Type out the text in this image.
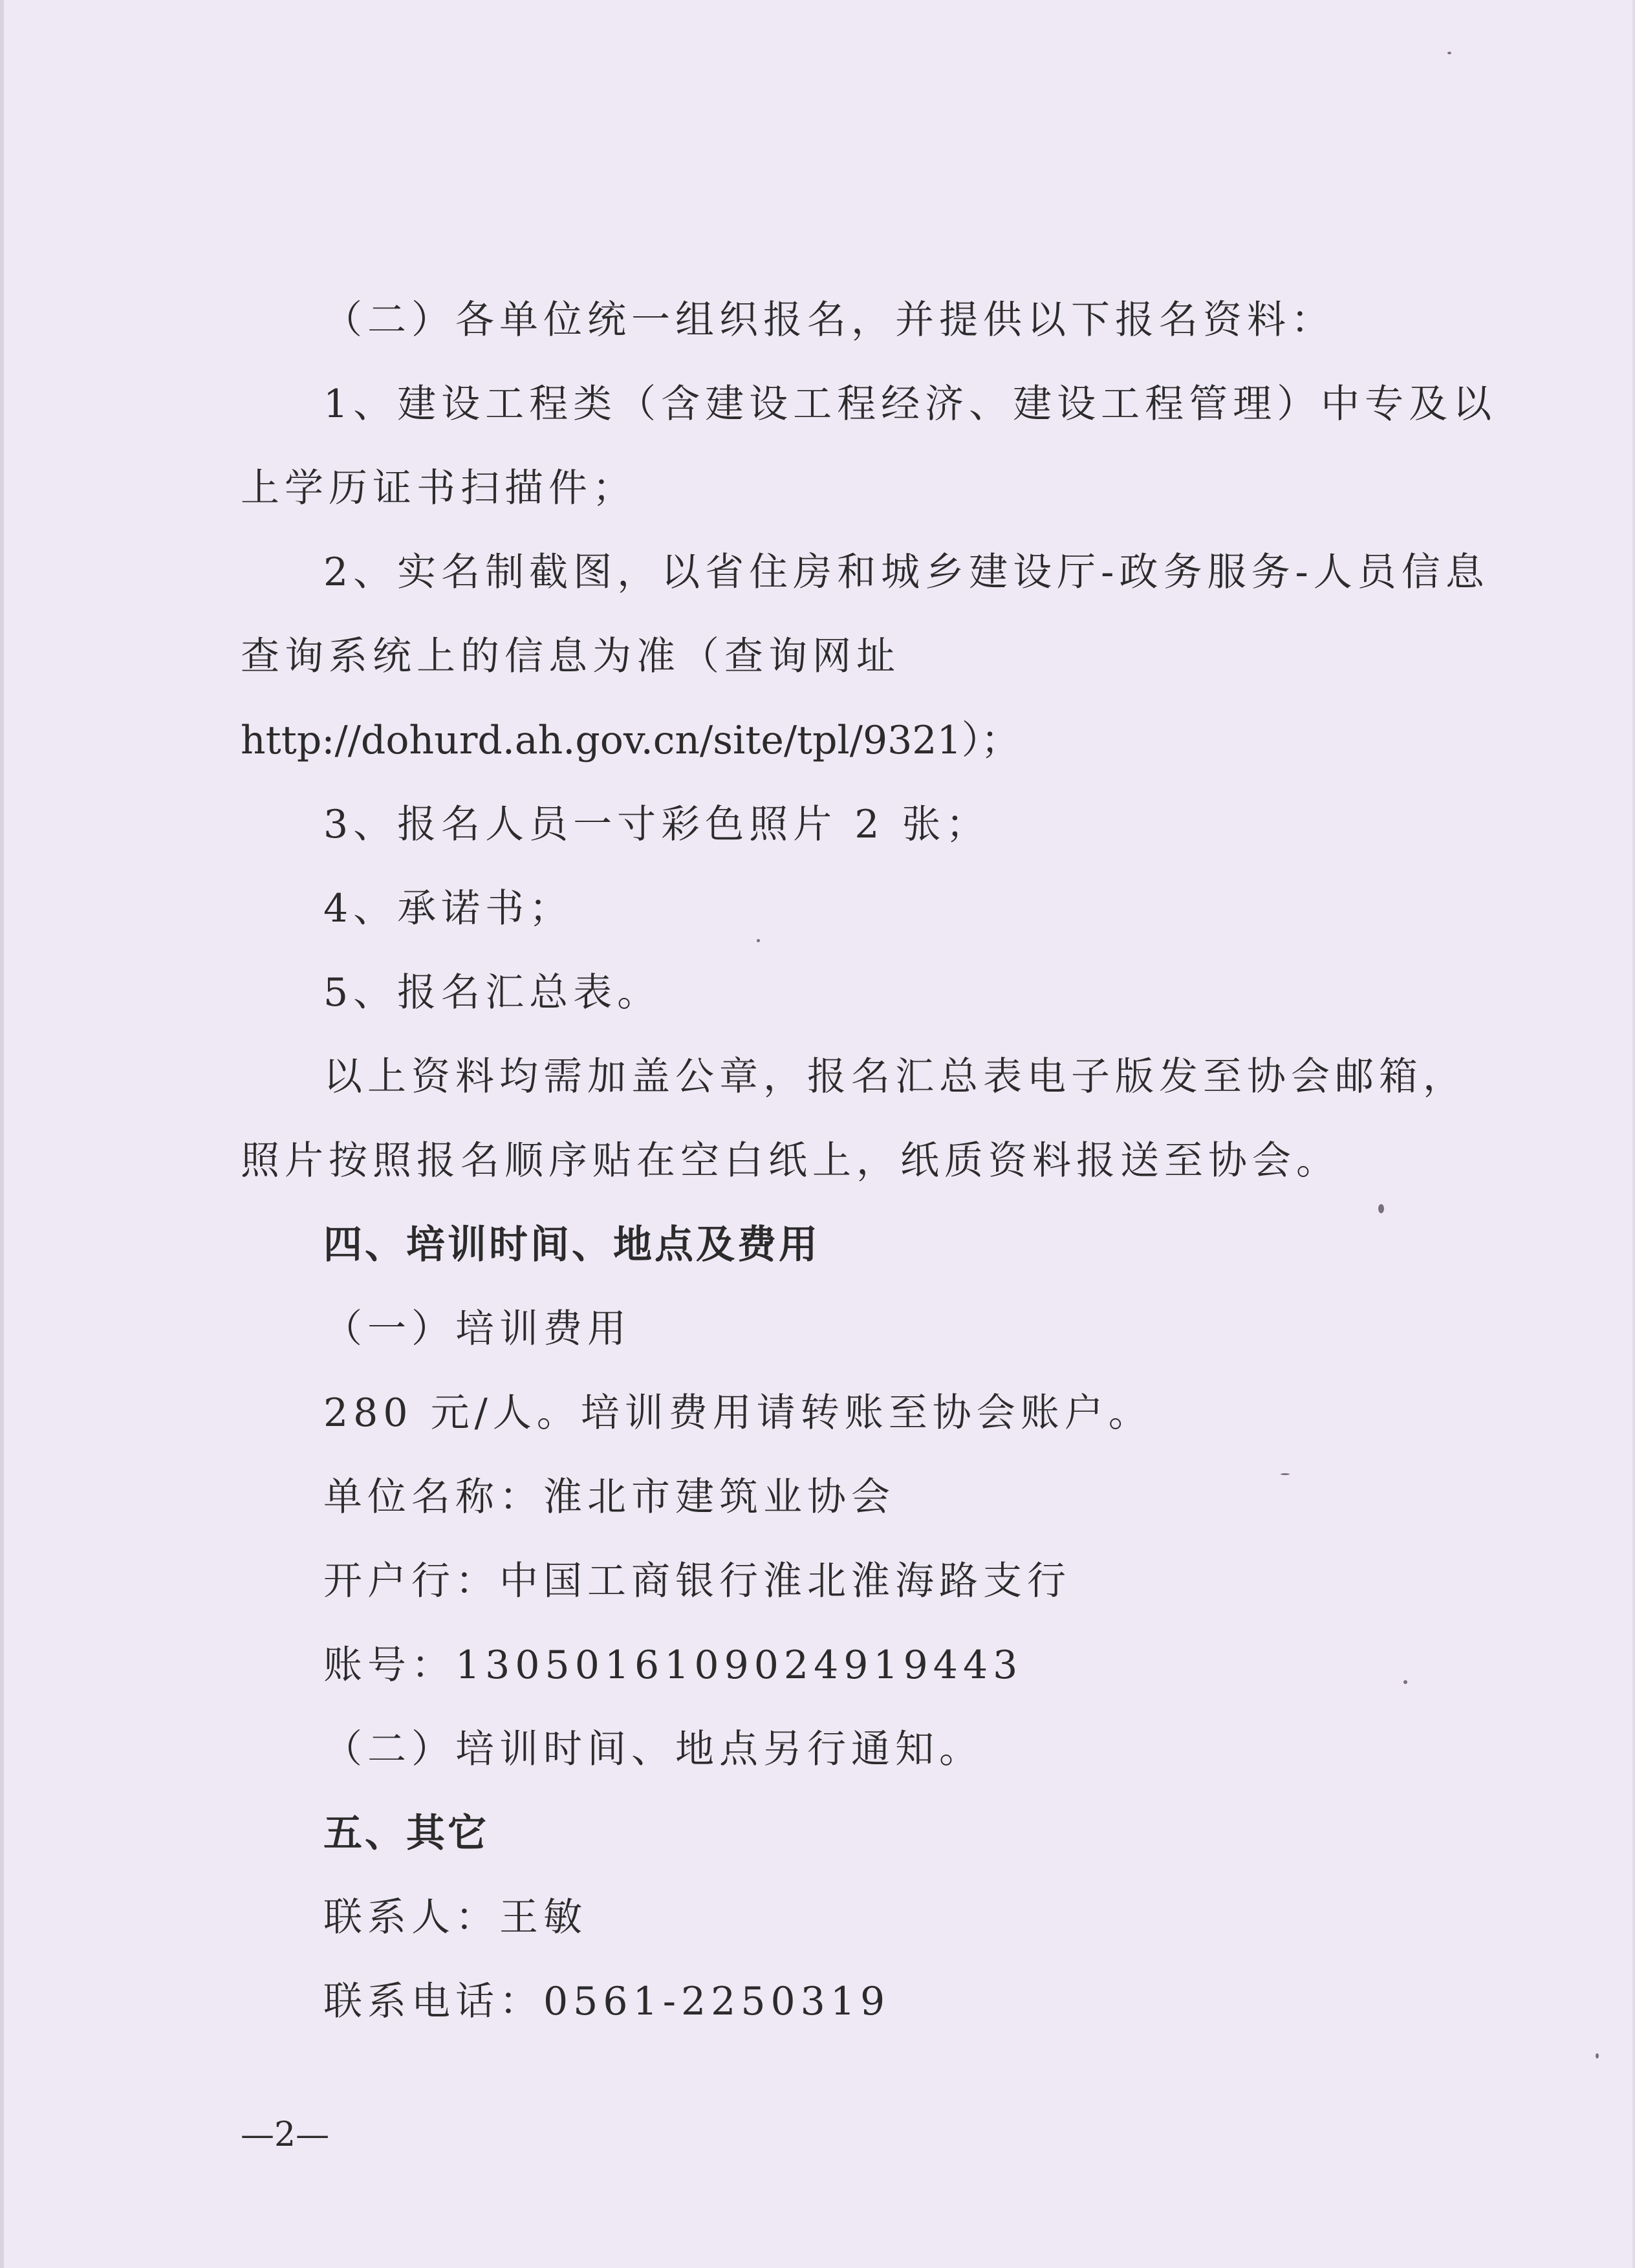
（二）各单位统一组织报名，并提供以下报名资料：
1、建设工程类（含建设工程经济、建设工程管理）中专及以
上学历证书扫描件；
2、实名制截图，以省住房和城乡建设厅-政务服务-人员信息
查询系统上的信息为准（查询网址
http://dohurd.ah.gov.cn/site/tpl/9321）；
3、报名人员一寸彩色照片 2 张；
4、承诺书；
5、报名汇总表。
以上资料均需加盖公章，报名汇总表电子版发至协会邮箱，
照片按照报名顺序贴在空白纸上，纸质资料报送至协会。
四、培训时间、地点及费用
（一）培训费用
280 元/人。培训费用请转账至协会账户。
单位名称：淮北市建筑业协会
开户行：中国工商银行淮北淮海路支行
账号：1305016109024919443
（二）培训时间、地点另行通知。
五、其它
联系人：王敏
联系电话：0561-2250319
—2—
